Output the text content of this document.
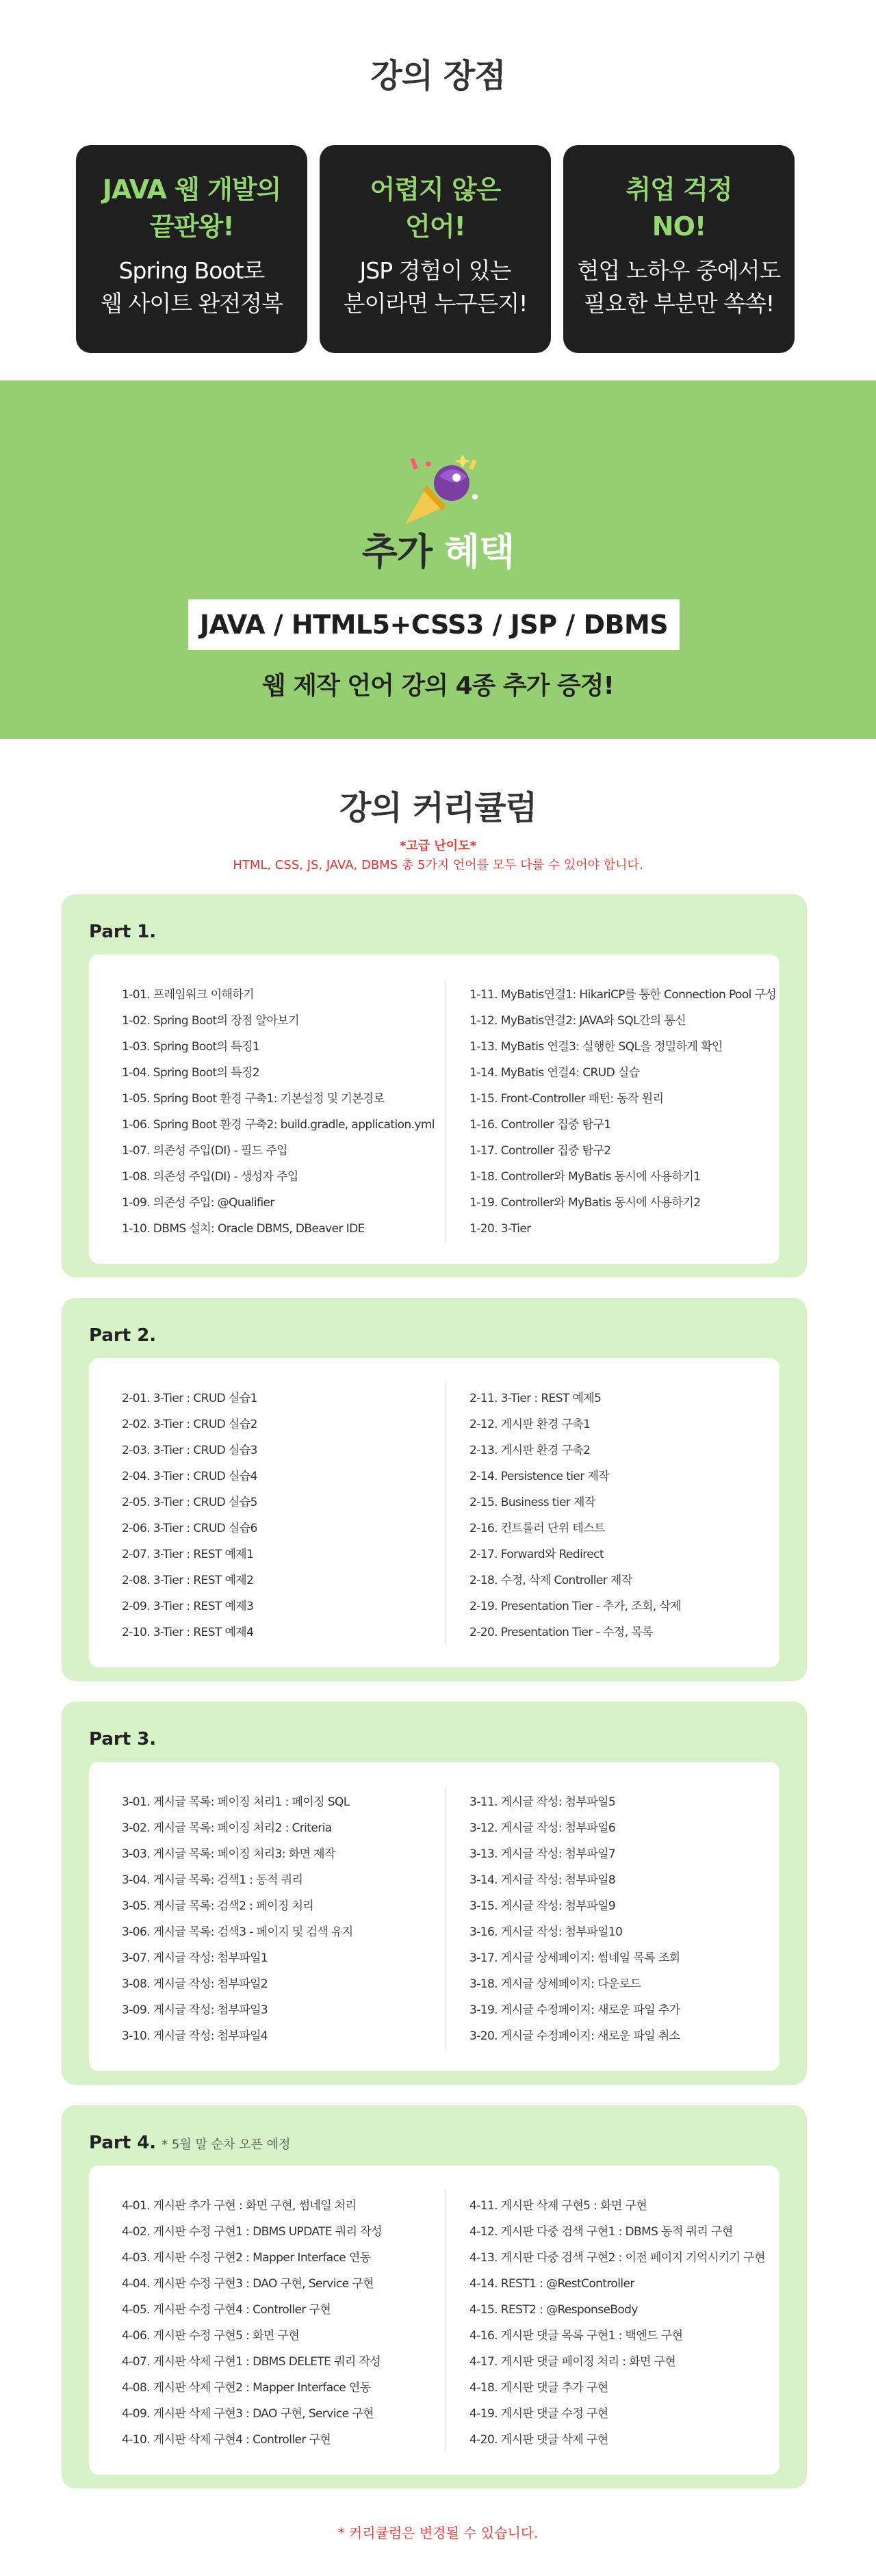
강의 장점
JAVA 웹 개발의
끝판왕!
Spring Boot로
웹 사이트 완전정복
어렵지 않은
언어!
JSP 경험이 있는
분이라면 누구든지!
취업 걱정
NO!
현업 노하우 중에서도
필요한 부분만 쏙쏙!
추가 혜택
JAVA / HTML5+CSS3 / JSP / DBMS
웹 제작 언어 강의 4종 추가 증정!
강의 커리큘럼
*고급 난이도*
HTML, CSS, JS, JAVA, DBMS 총 5가지 언어를 모두 다룰 수 있어야 합니다.
Part 1.
1-01. 프레임워크 이해하기
1-02. Spring Boot의 장점 알아보기
1-03. Spring Boot의 특징1
1-04. Spring Boot의 특징2
1-05. Spring Boot 환경 구축1: 기본설정 및 기본경로
1-06. Spring Boot 환경 구축2: build.gradle, application.yml
1-07. 의존성 주입(DI) - 필드 주입
1-08. 의존성 주입(DI) - 생성자 주입
1-09. 의존성 주입: @Qualifier
1-10. DBMS 설치: Oracle DBMS, DBeaver IDE
1-11. MyBatis연결1: HikariCP를 통한 Connection Pool 구성
1-12. MyBatis연결2: JAVA와 SQL간의 통신
1-13. MyBatis 연결3: 실행한 SQL을 정밀하게 확인
1-14. MyBatis 연결4: CRUD 실습
1-15. Front-Controller 패턴: 동작 원리
1-16. Controller 집중 탐구1
1-17. Controller 집중 탐구2
1-18. Controller와 MyBatis 동시에 사용하기1
1-19. Controller와 MyBatis 동시에 사용하기2
1-20. 3-Tier
Part 2.
2-01. 3-Tier : CRUD 실습1
2-02. 3-Tier : CRUD 실습2
2-03. 3-Tier : CRUD 실습3
2-04. 3-Tier : CRUD 실습4
2-05. 3-Tier : CRUD 실습5
2-06. 3-Tier : CRUD 실습6
2-07. 3-Tier : REST 예제1
2-08. 3-Tier : REST 예제2
2-09. 3-Tier : REST 예제3
2-10. 3-Tier : REST 예제4
2-11. 3-Tier : REST 예제5
2-12. 게시판 환경 구축1
2-13. 게시판 환경 구축2
2-14. Persistence tier 제작
2-15. Business tier 제작
2-16. 컨트롤러 단위 테스트
2-17. Forward와 Redirect
2-18. 수정, 삭제 Controller 제작
2-19. Presentation Tier - 추가, 조회, 삭제
2-20. Presentation Tier - 수정, 목록
Part 3.
3-01. 게시글 목록: 페이징 처리1 : 페이징 SQL
3-02. 게시글 목록: 페이징 처리2 : Criteria
3-03. 게시글 목록: 페이징 처리3: 화면 제작
3-04. 게시글 목록: 검색1 : 동적 쿼리
3-05. 게시글 목록: 검색2 : 페이징 처리
3-06. 게시글 목록: 검색3 - 페이지 및 검색 유지
3-07. 게시글 작성: 첨부파일1
3-08. 게시글 작성: 첨부파일2
3-09. 게시글 작성: 첨부파일3
3-10. 게시글 작성: 첨부파일4
3-11. 게시글 작성: 첨부파일5
3-12. 게시글 작성: 첨부파일6
3-13. 게시글 작성: 첨부파일7
3-14. 게시글 작성: 첨부파일8
3-15. 게시글 작성: 첨부파일9
3-16. 게시글 작성: 첨부파일10
3-17. 게시글 상세페이지: 썸네일 목록 조회
3-18. 게시글 상세페이지: 다운로드
3-19. 게시글 수정페이지: 새로운 파일 추가
3-20. 게시글 수정페이지: 새로운 파일 취소
Part 4. * 5월 말 순차 오픈 예정
4-01. 게시판 추가 구현 : 화면 구현, 썸네일 처리
4-02. 게시판 수정 구현1 : DBMS UPDATE 쿼리 작성
4-03. 게시판 수정 구현2 : Mapper Interface 연동
4-04. 게시판 수정 구현3 : DAO 구현, Service 구현
4-05. 게시판 수정 구현4 : Controller 구현
4-06. 게시판 수정 구현5 : 화면 구현
4-07. 게시판 삭제 구현1 : DBMS DELETE 쿼리 작성
4-08. 게시판 삭제 구현2 : Mapper Interface 연동
4-09. 게시판 삭제 구현3 : DAO 구현, Service 구현
4-10. 게시판 삭제 구현4 : Controller 구현
4-11. 게시판 삭제 구현5 : 화면 구현
4-12. 게시판 다중 검색 구현1 : DBMS 동적 쿼리 구현
4-13. 게시판 다중 검색 구현2 : 이전 페이지 기억시키기 구현
4-14. REST1 : @RestController
4-15. REST2 : @ResponseBody
4-16. 게시판 댓글 목록 구현1 : 백엔드 구현
4-17. 게시판 댓글 페이징 처리 : 화면 구현
4-18. 게시판 댓글 추가 구현
4-19. 게시판 댓글 수정 구현
4-20. 게시판 댓글 삭제 구현
* 커리큘럼은 변경될 수 있습니다.
